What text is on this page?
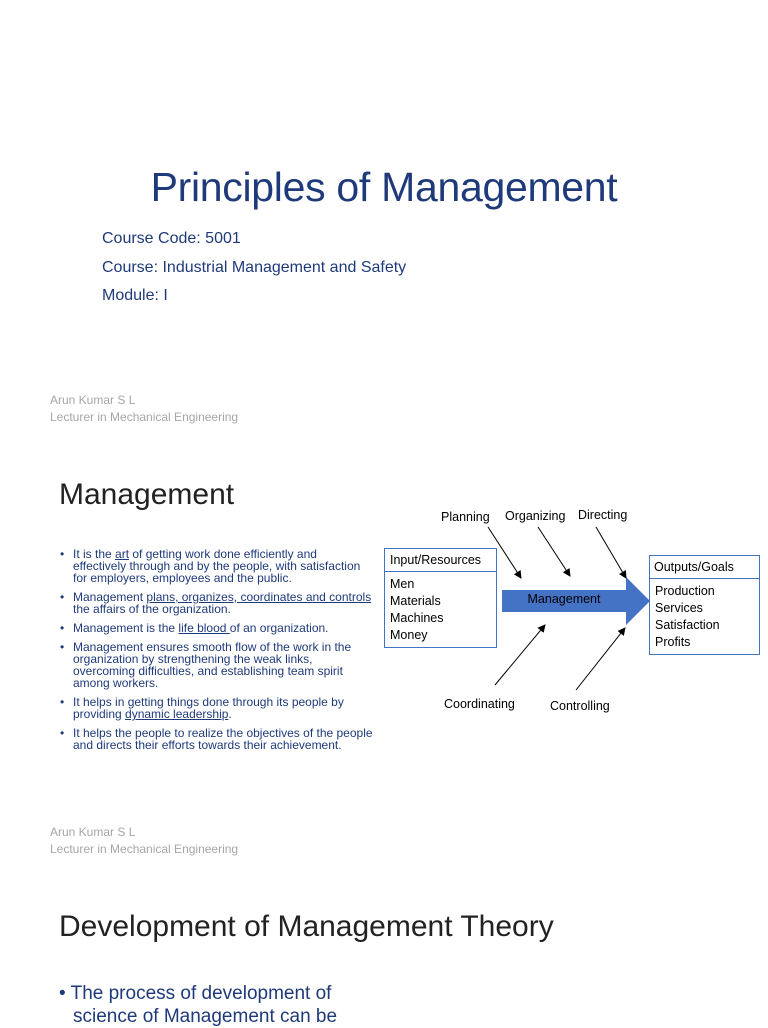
Principles of Management
Course Code: 5001
Course: Industrial Management and Safety
Module: I
Arun Kumar S L
Lecturer in Mechanical Engineering
Management
• It is the art of getting work done efficiently and effectively through and by the people, with satisfaction for employers, employees and the public.
• Management plans, organizes, coordinates and controls the affairs of the organization.
• Management is the life blood of an organization.
• Management ensures smooth flow of the work in the organization by strengthening the weak links, overcoming difficulties, and establishing team spirit among workers.
• It helps in getting things done through its people by providing dynamic leadership.
• It helps the people to realize the objectives of the people and directs their efforts towards their achievement.
Planning Organizing Directing
Coordinating	Controlling
Management
Input/Resources
Men
Materials
Machines
Money
Outputs/Goals
Production
Services
Satisfaction
Profits
Arun Kumar S L
Lecturer in Mechanical Engineering
Development of Management Theory
• The process of development of
science of Management can be
